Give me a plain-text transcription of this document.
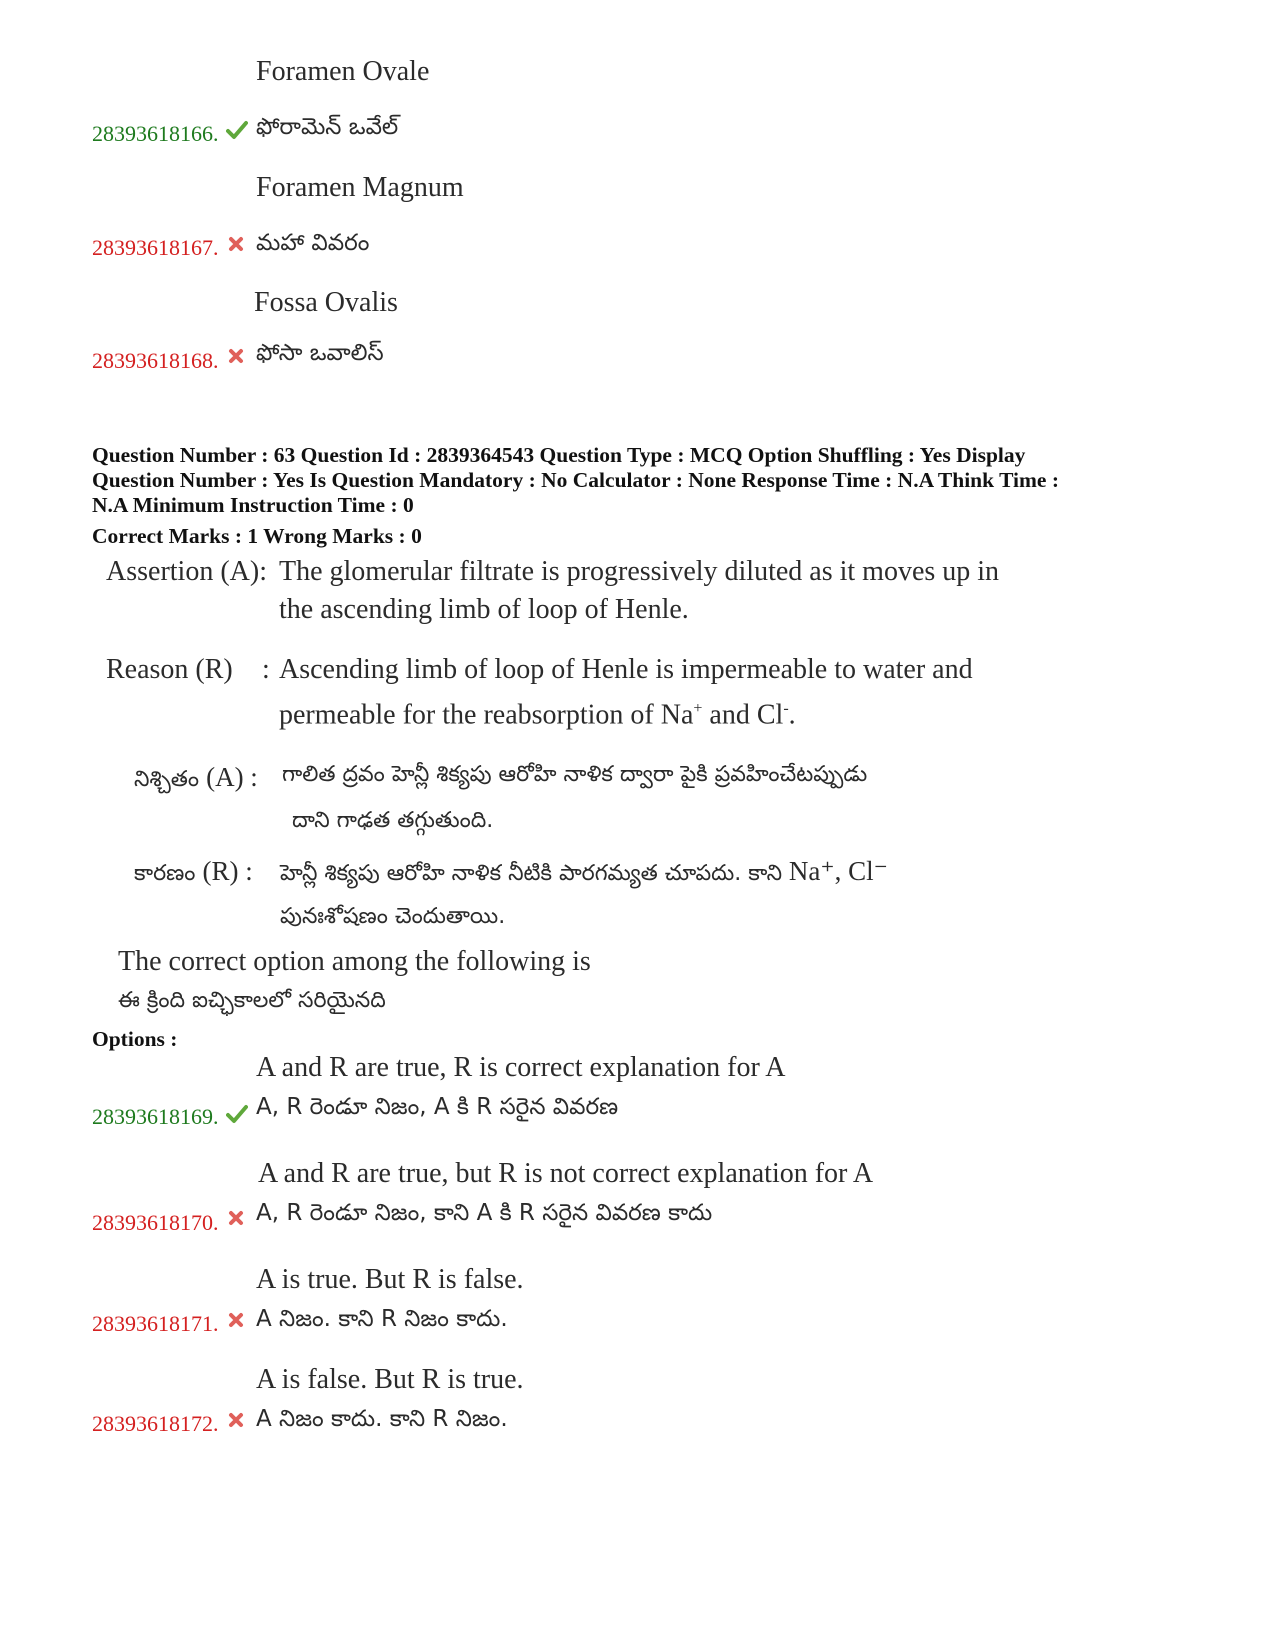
Foramen Ovale
28393618166. ఫోరామెన్ ఒవేల్
Foramen Magnum
28393618167. మహా వివరం
Fossa Ovalis
28393618168. ఫోసా ఒవాలిస్
Question Number : 63 Question Id : 2839364543 Question Type : MCQ Option Shuffling : Yes Display
Question Number : Yes Is Question Mandatory : No Calculator : None Response Time : N.A Think Time :
N.A Minimum Instruction Time : 0
Correct Marks : 1 Wrong Marks : 0
Assertion (A): The glomerular filtrate is progressively diluted as it moves up in
the ascending limb of loop of Henle.
Reason (R) : Ascending limb of loop of Henle is impermeable to water and
permeable for the reabsorption of Na+ and Cl-.
నిశ్చితం (A) : గాలిత ద్రవం హెన్లీ శిక్యపు ఆరోహి నాళిక ద్వారా పైకి ప్రవహించేటప్పుడు
దాని గాఢత తగ్గుతుంది.
కారణం (R) : హెన్లీ శిక్యపు ఆరోహి నాళిక నీటికి పారగమ్యత చూపదు. కాని Na⁺, Cl⁻
పునఃశోషణం చెందుతాయి.
The correct option among the following is
ఈ క్రింది ఐచ్ఛికాలలో సరియైనది
Options :
A and R are true, R is correct explanation for A
28393618169. A, R రెండూ నిజం, A కి R సరైన వివరణ
A and R are true, but R is not correct explanation for A
28393618170. A, R రెండూ నిజం, కాని A కి R సరైన వివరణ కాదు
A is true. But R is false.
28393618171. A నిజం. కాని R నిజం కాదు.
A is false. But R is true.
28393618172. A నిజం కాదు. కాని R నిజం.
